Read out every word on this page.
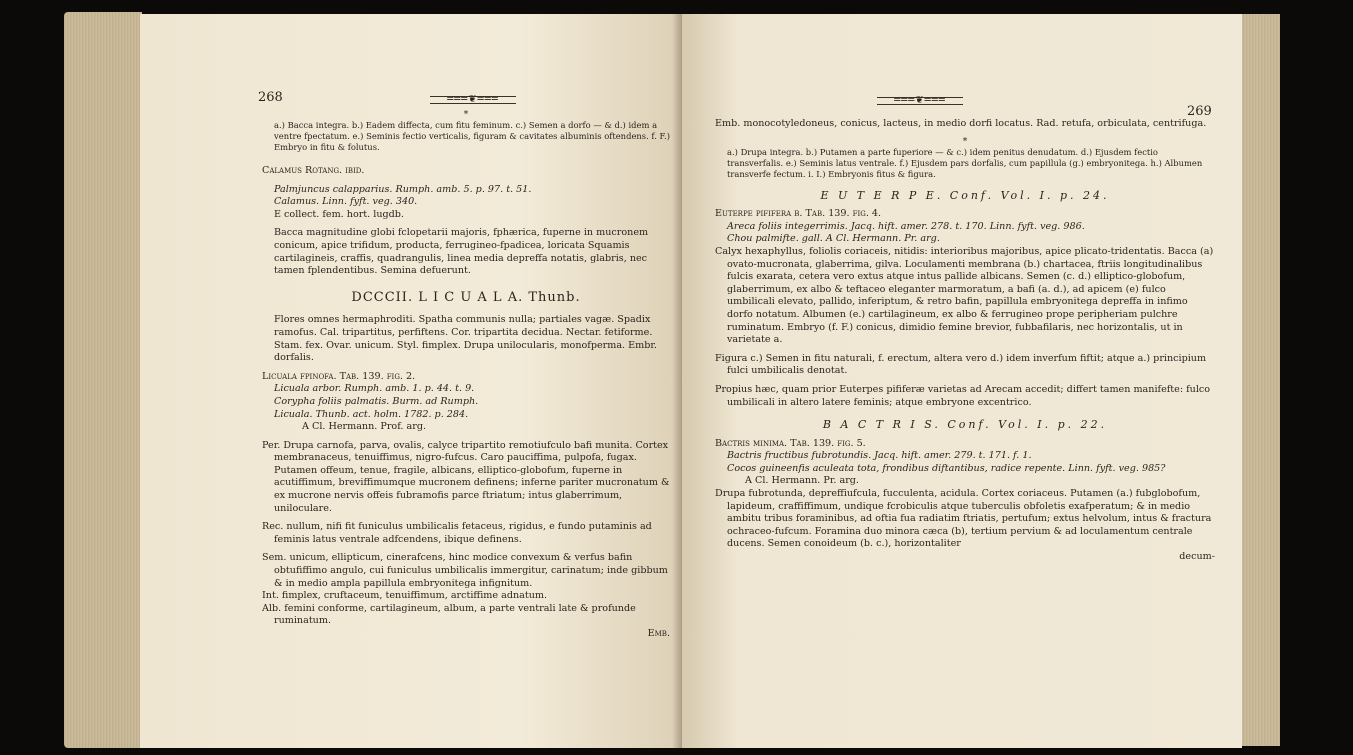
268	═══❦═══
*

a.) Bacca integra. b.) Eadem diffecta, cum fitu feminum. c.) Semen a dorfo — & d.) idem a ventre fpectatum. e.) Seminis fectio verticalis, figuram & cavitates albuminis oftendens. f. F.) Embryo in fitu & folutus.

Calamus Rotang. ibid.

Palmjuncus calapparius. Rumph. amb. 5. p. 97. t. 51.

Calamus. Linn. fyft. veg. 340.

E collect. fem. hort. lugdb.

Bacca magnitudine globi fclopetarii majoris, fphærica, fuperne in mucronem conicum, apice trifidum, producta, ferrugineo-fpadicea, loricata Squamis cartilagineis, craffis, quadrangulis, linea media depreffa notatis, glabris, nec tamen fplendentibus. Semina defuerunt.

DCCCII. L I C U A L A. Thunb.

Flores omnes hermaphroditi. Spatha communis nulla; partiales vagæ. Spadix ramofus. Cal. tripartitus, perfiftens. Cor. tripartita decidua. Nectar. fetiforme. Stam. fex. Ovar. unicum. Styl. fimplex. Drupa unilocularis, monofperma. Embr. dorfalis.

Licuala fpinofa. Tab. 139. fig. 2.

Licuala arbor. Rumph. amb. 1. p. 44. t. 9.

Corypha foliis palmatis. Burm. ad Rumph.

Licuala. Thunb. act. holm. 1782. p. 284.

A Cl. Hermann. Prof. arg.

Per. Drupa carnofa, parva, ovalis, calyce tripartito remotiufculo bafi munita. Cortex membranaceus, tenuiffimus, nigro-fufcus. Caro pauciffima, pulpofa, fugax. Putamen offeum, tenue, fragile, albicans, elliptico-globofum, fuperne in acutiffimum, breviffimumque mucronem definens; inferne pariter mucronatum & ex mucrone nervis offeis fubramofis parce ftriatum; intus glaberrimum, uniloculare.

Rec. nullum, nifi fit funiculus umbilicalis fetaceus, rigidus, e fundo putaminis ad feminis latus ventrale adfcendens, ibique definens.

Sem. unicum, ellipticum, cinerafcens, hinc modice convexum & verfus bafin obtufiffimo angulo, cui funiculus umbilicalis immergitur, carinatum; inde gibbum & in medio ampla papillula embryonitega infignitum.

Int. fimplex, cruftaceum, tenuiffimum, arctiffime adnatum.

Alb. femini conforme, cartilagineum, album, a parte ventrali late & profunde ruminatum.

Emb.

═══❦═══
269

Emb. monocotyledoneus, conicus, lacteus, in medio dorfi locatus. Rad. retufa, orbiculata, centrifuga.

*

a.) Drupa integra. b.) Putamen a parte fuperiore — & c.) idem penitus denudatum. d.) Ejusdem fectio transverfalis. e.) Seminis latus ventrale. f.) Ejusdem pars dorfalis, cum papillula (g.) embryonitega. h.) Albumen transverfe fectum. i. I.) Embryonis fitus & figura.

E U T E R P E. Conf. Vol. I. p. 24.

Euterpe pififera β. Tab. 139. fig. 4.

Areca foliis integerrimis. Jacq. hift. amer. 278. t. 170. Linn. fyft. veg. 986.

Chou palmifte. gall. A Cl. Hermann. Pr. arg.

Calyx hexaphyllus, foliolis coriaceis, nitidis: interioribus majoribus, apice plicato-tridentatis. Bacca (a) ovato-mucronata, glaberrima, gilva. Loculamenti membrana (b.) chartacea, ftriis longitudinalibus fulcis exarata, cetera vero extus atque intus pallide albicans. Semen (c. d.) elliptico-globofum, glaberrimum, ex albo & teftaceo eleganter marmoratum, a bafi (a. d.), ad apicem (e) fulco umbilicali elevato, pallido, inferiptum, & retro bafin, papillula embryonitega depreffa in infimo dorfo notatum. Albumen (e.) cartilagineum, ex albo & ferrugineo prope peripheriam pulchre ruminatum. Embryo (f. F.) conicus, dimidio femine brevior, fubbafilaris, nec horizontalis, ut in varietate a.

Figura c.) Semen in fitu naturali, f. erectum, altera vero d.) idem inverfum fiftit; atque a.) principium fulci umbilicalis denotat.

Propius hæc, quam prior Euterpes pififeræ varietas ad Arecam accedit; differt tamen manifefte: fulco umbilicali in altero latere feminis; atque embryone excentrico.

B A C T R I S. Conf. Vol. I. p. 22.

Bactris minima. Tab. 139. fig. 5.

Bactris fructibus fubrotundis. Jacq. hift. amer. 279. t. 171. f. 1.

Cocos guineenfis aculeata tota, frondibus diftantibus, radice repente. Linn. fyft. veg. 985?

A Cl. Hermann. Pr. arg.

Drupa fubrotunda, depreffiufcula, fucculenta, acidula. Cortex coriaceus. Putamen (a.) fubglobofum, lapideum, craffiffimum, undique fcrobiculis atque tuberculis obfoletis exafperatum; & in medio ambitu tribus foraminibus, ad oftia fua radiatim ftriatis, pertufum; extus helvolum, intus & fractura ochraceo-fufcum. Foramina duo minora cæca (b), tertium pervium & ad loculamentum centrale ducens. Semen conoideum (b. c.), horizontaliter

decum-
